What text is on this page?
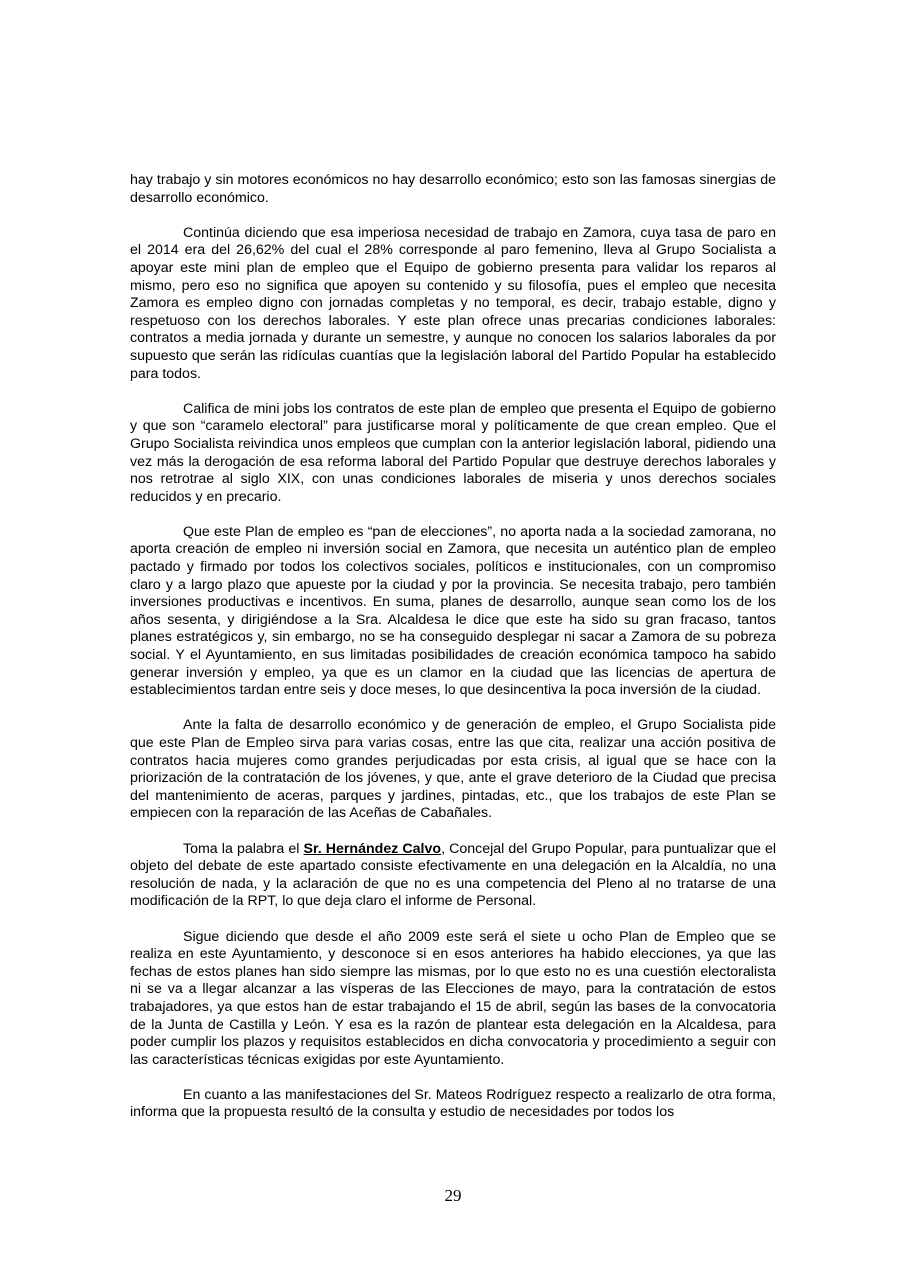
hay trabajo y sin motores económicos no hay desarrollo económico; esto son las famosas sinergias de desarrollo económico.

Continúa diciendo que esa imperiosa necesidad de trabajo en Zamora, cuya tasa de paro en el 2014 era del 26,62% del cual el 28% corresponde al paro femenino, lleva al Grupo Socialista a apoyar este mini plan de empleo que el Equipo de gobierno presenta para validar los reparos al mismo, pero eso no significa que apoyen su contenido y su filosofía, pues el empleo que necesita Zamora es empleo digno con jornadas completas y no temporal, es decir, trabajo estable, digno y respetuoso con los derechos laborales. Y este plan ofrece unas precarias condiciones laborales: contratos a media jornada y durante un semestre, y aunque no conocen los salarios laborales da por supuesto que serán las ridículas cuantías que la legislación laboral del Partido Popular ha establecido para todos.

Califica de mini jobs los contratos de este plan de empleo que presenta el Equipo de gobierno y que son “caramelo electoral” para justificarse moral y políticamente de que crean empleo. Que el Grupo Socialista reivindica unos empleos que cumplan con la anterior legislación laboral, pidiendo una vez más la derogación de esa reforma laboral del Partido Popular que destruye derechos laborales y nos retrotrae al siglo XIX, con unas condiciones laborales de miseria y unos derechos sociales reducidos y en precario.

Que este Plan de empleo es “pan de elecciones”, no aporta nada a la sociedad zamorana, no aporta creación de empleo ni inversión social en Zamora, que necesita un auténtico plan de empleo pactado y firmado por todos los colectivos sociales, políticos e institucionales, con un compromiso claro y a largo plazo que apueste por la ciudad y por la provincia. Se necesita trabajo, pero también inversiones productivas e incentivos. En suma, planes de desarrollo, aunque sean como los de los años sesenta, y dirigiéndose a la Sra. Alcaldesa le dice que este ha sido su gran fracaso, tantos planes estratégicos y, sin embargo, no se ha conseguido desplegar ni sacar a Zamora de su pobreza social. Y el Ayuntamiento, en sus limitadas posibilidades de creación económica tampoco ha sabido generar inversión y empleo, ya que es un clamor en la ciudad que las licencias de apertura de establecimientos tardan entre seis y doce meses, lo que desincentiva la poca inversión de la ciudad.

Ante la falta de desarrollo económico y de generación de empleo, el Grupo Socialista pide que este Plan de Empleo sirva para varias cosas, entre las que cita, realizar una acción positiva de contratos hacia mujeres como grandes perjudicadas por esta crisis, al igual que se hace con la priorización de la contratación de los jóvenes, y que, ante el grave deterioro de la Ciudad que precisa del mantenimiento de aceras, parques y jardines, pintadas, etc., que los trabajos de este Plan se empiecen con la reparación de las Aceñas de Cabañales.

Toma la palabra el Sr. Hernández Calvo, Concejal del Grupo Popular, para puntualizar que el objeto del debate de este apartado consiste efectivamente en una delegación en la Alcaldía, no una resolución de nada, y la aclaración de que no es una competencia del Pleno al no tratarse de una modificación de la RPT, lo que deja claro el informe de Personal.

Sigue diciendo que desde el año 2009 este será el siete u ocho Plan de Empleo que se realiza en este Ayuntamiento, y desconoce si en esos anteriores ha habido elecciones, ya que las fechas de estos planes han sido siempre las mismas, por lo que esto no es una cuestión electoralista ni se va a llegar alcanzar a las vísperas de las Elecciones de mayo, para la contratación de estos trabajadores, ya que estos han de estar trabajando el 15 de abril, según las bases de la convocatoria de la Junta de Castilla y León. Y esa es la razón de plantear esta delegación en la Alcaldesa, para poder cumplir los plazos y requisitos establecidos en dicha convocatoria y procedimiento a seguir con las características técnicas exigidas por este Ayuntamiento.

En cuanto a las manifestaciones del Sr. Mateos Rodríguez respecto a realizarlo de otra forma, informa que la propuesta resultó de la consulta y estudio de necesidades por todos los

29
